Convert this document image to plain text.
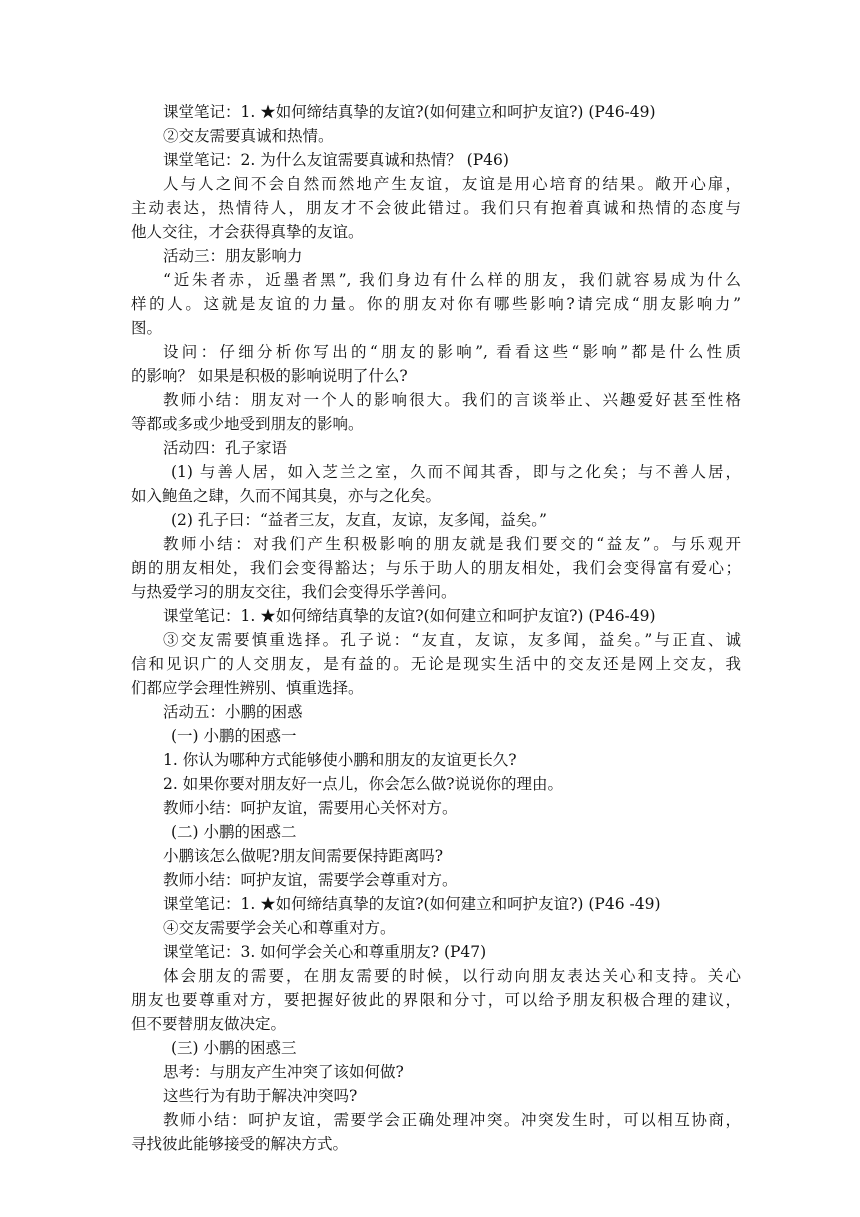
课堂笔记：1. ★如何缔结真挚的友谊?(如何建立和呵护友谊?) (P46-49)
②交友需要真诚和热情。
课堂笔记：2. 为什么友谊需要真诚和热情？ (P46)
人与人之间不会自然而然地产生友谊，友谊是用心培育的结果。敞开心扉，
主动表达，热情待人，朋友才不会彼此错过。我们只有抱着真诚和热情的态度与
他人交往，才会获得真挚的友谊。
活动三：朋友影响力
“近朱者赤，近墨者黑”, 我们身边有什么样的朋友，我们就容易成为什么
样的人。这就是友谊的力量。你的朋友对你有哪些影响?请完成“朋友影响力”
图。
设问：仔细分析你写出的“朋友的影响”, 看看这些“影响”都是什么性质
的影响？ 如果是积极的影响说明了什么?
教师小结：朋友对一个人的影响很大。我们的言谈举止、兴趣爱好甚至性格
等都或多或少地受到朋友的影响。
活动四：孔子家语
(1) 与善人居，如入芝兰之室，久而不闻其香，即与之化矣；与不善人居，
如入鲍鱼之肆，久而不闻其臭，亦与之化矣。
(2) 孔子曰：“益者三友，友直，友谅，友多闻，益矣。”
教师小结：对我们产生积极影响的朋友就是我们要交的“益友”。与乐观开
朗的朋友相处，我们会变得豁达；与乐于助人的朋友相处，我们会变得富有爱心；
与热爱学习的朋友交往，我们会变得乐学善问。
课堂笔记：1. ★如何缔结真挚的友谊?(如何建立和呵护友谊?) (P46-49)
③交友需要慎重选择。孔子说：“友直，友谅，友多闻，益矣。”与正直、诚
信和见识广的人交朋友，是有益的。无论是现实生活中的交友还是网上交友，我
们都应学会理性辨别、慎重选择。
活动五：小鹏的困惑
(一) 小鹏的困惑一
1. 你认为哪种方式能够使小鹏和朋友的友谊更长久?
2. 如果你要对朋友好一点儿，你会怎么做?说说你的理由。
教师小结：呵护友谊，需要用心关怀对方。
(二) 小鹏的困惑二
小鹏该怎么做呢?朋友间需要保持距离吗?
教师小结：呵护友谊，需要学会尊重对方。
课堂笔记：1. ★如何缔结真挚的友谊?(如何建立和呵护友谊?) (P46 -49)
④交友需要学会关心和尊重对方。
课堂笔记：3. 如何学会关心和尊重朋友? (P47)
体会朋友的需要，在朋友需要的时候，以行动向朋友表达关心和支持。关心
朋友也要尊重对方，要把握好彼此的界限和分寸，可以给予朋友积极合理的建议，
但不要替朋友做决定。
(三) 小鹏的困惑三
思考：与朋友产生冲突了该如何做?
这些行为有助于解决冲突吗?
教师小结：呵护友谊，需要学会正确处理冲突。冲突发生时，可以相互协商，
寻找彼此能够接受的解决方式。
